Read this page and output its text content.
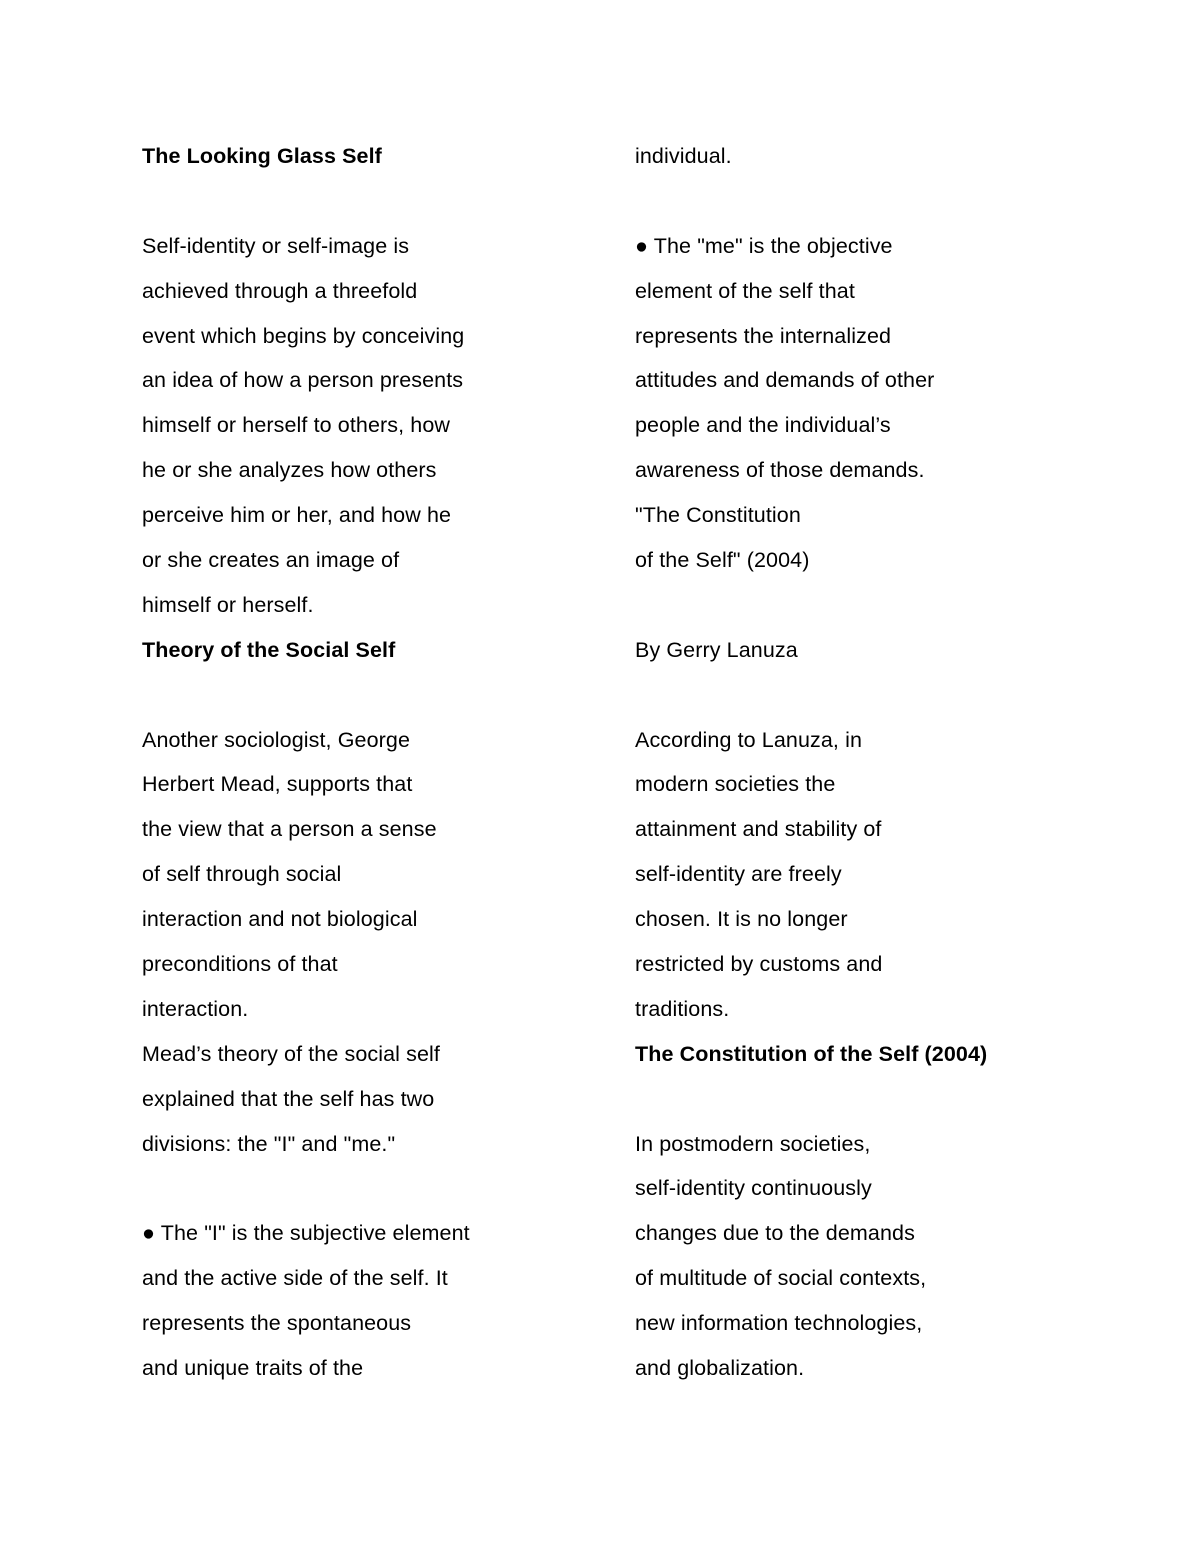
The Looking Glass Self
Self-identity or self-image is
achieved through a threefold
event which begins by conceiving
an idea of how a person presents
himself or herself to others, how
he or she analyzes how others
perceive him or her, and how he
or she creates an image of
himself or herself.
Theory of the Social Self
Another sociologist, George
Herbert Mead, supports that
the view that a person a sense
of self through social
interaction and not biological
preconditions of that
interaction.
Mead’s theory of the social self
explained that the self has two
divisions: the "I" and "me."
● The "I" is the subjective element
and the active side of the self. It
represents the spontaneous
and unique traits of the
individual.
● The "me" is the objective
element of the self that
represents the internalized
attitudes and demands of other
people and the individual’s
awareness of those demands.
"The Constitution
of the Self" (2004)
By Gerry Lanuza
According to Lanuza, in
modern societies the
attainment and stability of
self-identity are freely
chosen. It is no longer
restricted by customs and
traditions.
The Constitution of the Self (2004)
In postmodern societies,
self-identity continuously
changes due to the demands
of multitude of social contexts,
new information technologies,
and globalization.
